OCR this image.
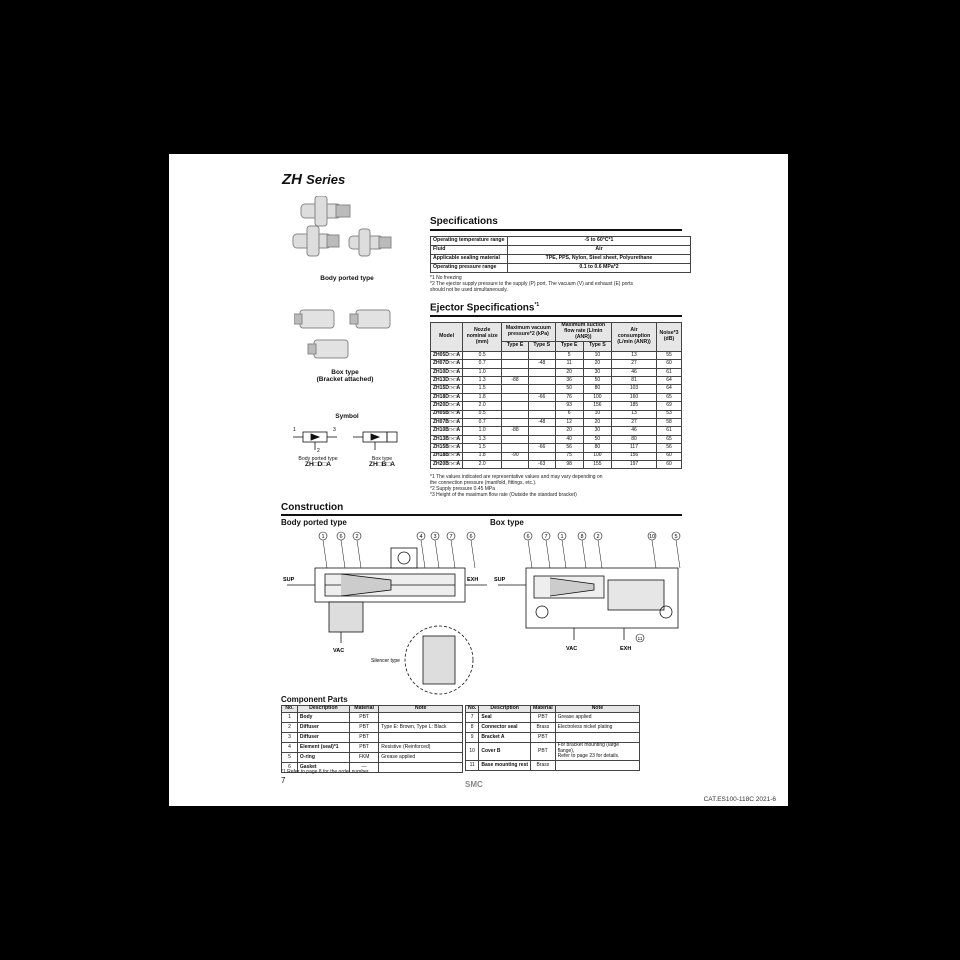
ZH Series
Body ported type
Box type
(Bracket attached)
Symbol
1	3
2
Body ported type
ZH□D□A
Box type
ZH□B□A
Specifications
Operating temperature range	-5 to 60°C*1
Fluid	Air
Applicable sealing material	TPE, PPS, Nylon, Steel sheet, Polyurethane
Operating pressure range	0.1 to 0.6 MPa*2
*1 No freezing
*2 The ejector supply pressure to the supply (P) port. The vacuum (V) and exhaust (E) ports
should not be used simultaneously.
Ejector Specifications$^{*1}$
Model	Nozzle nominal size (mm)	Maximum vacuum pressure*2 (kPa)		Maximum suction flow rate (L/min (ANR))		Air consumption (L/min (ANR))	Noise*3 (dB)
		Type E	Type S	Type E	Type S		
ZH05D□-□A	0.5			5	10	13	55
ZH07D□-□A	0.7		-48	11	20	27	60
ZH10D□-□A	1.0			20	30	46	61
ZH13D□-□A	1.3	-88		36	50	81	64
ZH15D□-□A	1.5			50	80	103	64
ZH18D□-□A	1.8		-66	76	100	160	65
ZH20D□-□A	2.0			93	156	185	69
ZH05B□-□A	0.5			6	10	13	53
ZH07B□-□A	0.7		-48	12	20	27	58
ZH10B□-□A	1.0	-88		20	30	46	61
ZH13B□-□A	1.3			40	50	80	65
ZH15B□-□A	1.5		-66	56	80	117	56
ZH18B□-□A	1.8	-90		75	100	156	60
ZH20B□-□A	2.0		-63	98	155	197	60
*1 The values indicated are representative values and may vary depending on
the connection pressure (manifold, fittings, etc.).
*2 Supply pressure 0.45 MPa
*3 Height of the maximum flow rate (Outside the standard bracket)
Construction
Body ported type	Box type
SUP	EXH
VAC
Silencer type
1	6 2	4 3 7	6
SUP
VAC	EXH
6	7 1	8 2	10	5
11
Component Parts
No.	Description	Material	Note
1	Body	PBT	
2	Diffuser	PBT	Type E: Brown, Type L: Black
3	Diffuser	PBT	
4	Element (seal)*1	PBT	Resistive (Reinforced)
5	O-ring	FKM	Grease applied
6	Gasket	—	
No.	Description	Material	Note
7	Seal	PBT	Grease applied
8	Connector seal	Brass	Electroless nickel plating
9	Bracket A	PBT	
10	Cover B	PBT	For bracket mounting (large flange),
Refer to page 23 for details.
11	Base mounting rest	Brass	
*1 Refer to page 8 for the order number.
7	SMC
CAT.ES100-118C 2021-6
